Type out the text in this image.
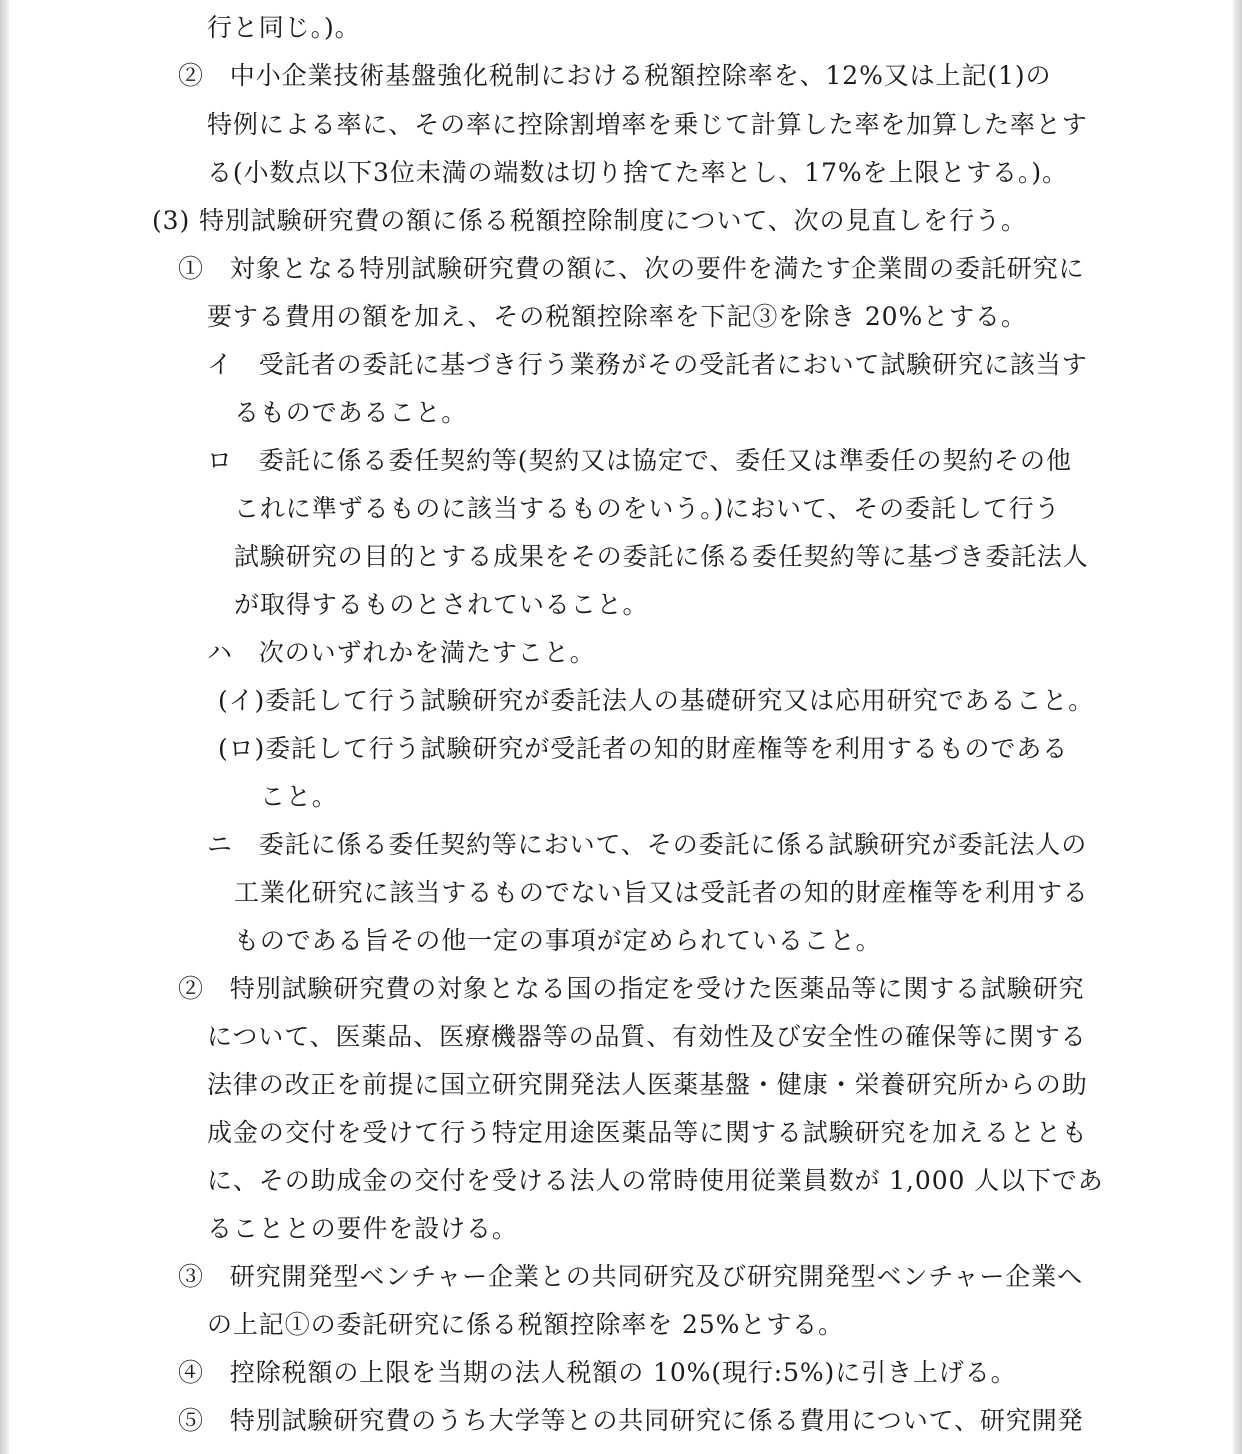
行と同じ。)。
②　中小企業技術基盤強化税制における税額控除率を、12%又は上記(1)の
特例による率に、その率に控除割増率を乗じて計算した率を加算した率とす
る(小数点以下3位未満の端数は切り捨てた率とし、17%を上限とする。)。
(3) 特別試験研究費の額に係る税額控除制度について、次の見直しを行う。
①　対象となる特別試験研究費の額に、次の要件を満たす企業間の委託研究に
要する費用の額を加え、その税額控除率を下記③を除き 20%とする。
イ　受託者の委託に基づき行う業務がその受託者において試験研究に該当す
るものであること。
ロ　委託に係る委任契約等(契約又は協定で、委任又は準委任の契約その他
これに準ずるものに該当するものをいう。)において、その委託して行う
試験研究の目的とする成果をその委託に係る委任契約等に基づき委託法人
が取得するものとされていること。
ハ　次のいずれかを満たすこと。
(イ)委託して行う試験研究が委託法人の基礎研究又は応用研究であること。
(ロ)委託して行う試験研究が受託者の知的財産権等を利用するものである
こと。
ニ　委託に係る委任契約等において、その委託に係る試験研究が委託法人の
工業化研究に該当するものでない旨又は受託者の知的財産権等を利用する
ものである旨その他一定の事項が定められていること。
②　特別試験研究費の対象となる国の指定を受けた医薬品等に関する試験研究
について、医薬品、医療機器等の品質、有効性及び安全性の確保等に関する
法律の改正を前提に国立研究開発法人医薬基盤・健康・栄養研究所からの助
成金の交付を受けて行う特定用途医薬品等に関する試験研究を加えるととも
に、その助成金の交付を受ける法人の常時使用従業員数が 1,000 人以下であ
ることとの要件を設ける。
③　研究開発型ベンチャー企業との共同研究及び研究開発型ベンチャー企業へ
の上記①の委託研究に係る税額控除率を 25%とする。
④　控除税額の上限を当期の法人税額の 10%(現行:5%)に引き上げる。
⑤　特別試験研究費のうち大学等との共同研究に係る費用について、研究開発
